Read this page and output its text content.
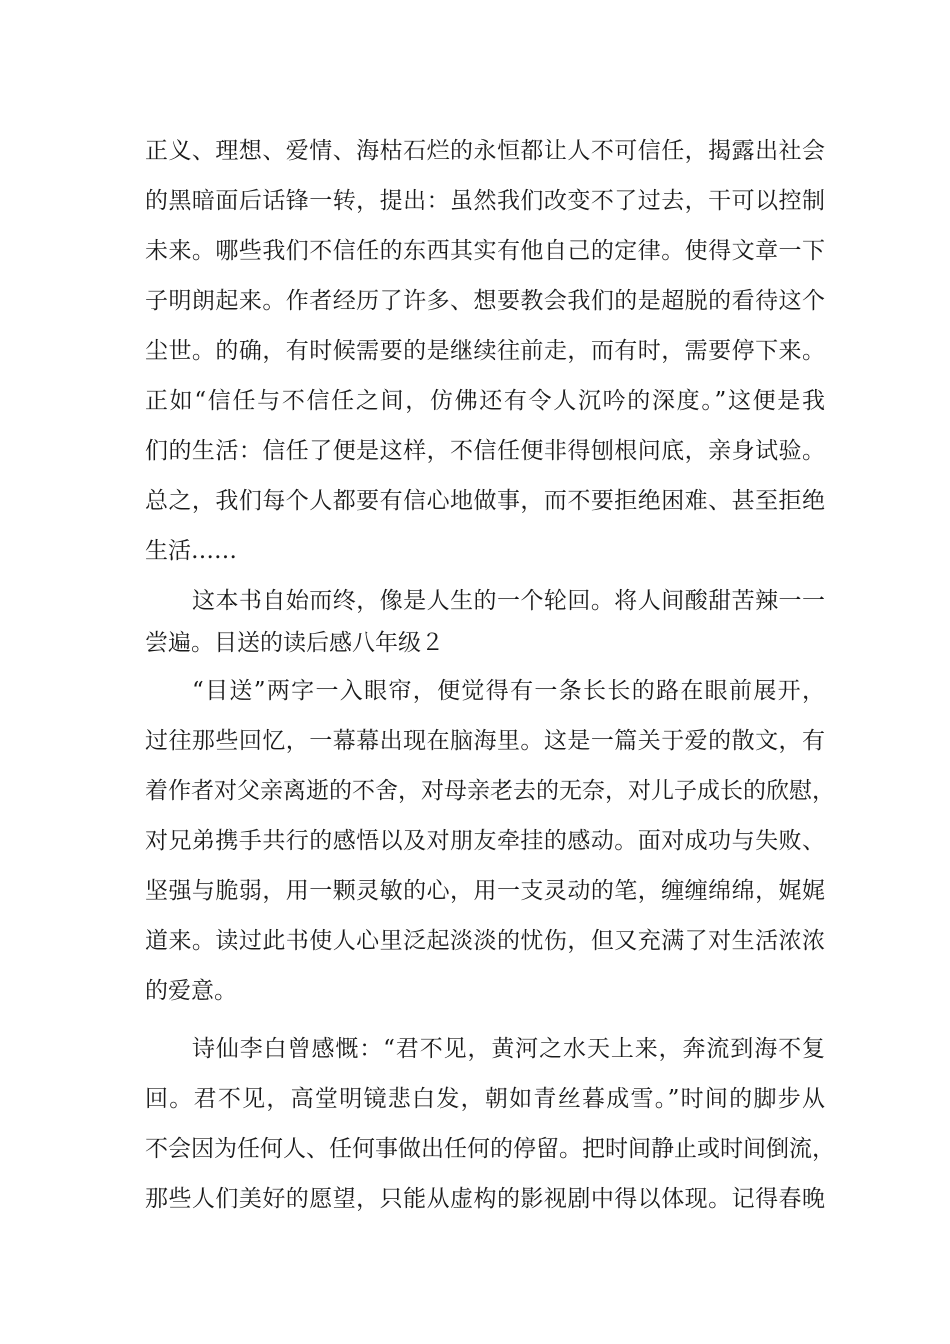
正义、理想、爱情、海枯石烂的永恒都让人不可信任，揭露出社会
的黑暗面后话锋一转，提出：虽然我们改变不了过去，干可以控制
未来。哪些我们不信任的东西其实有他自己的定律。使得文章一下
子明朗起来。作者经历了许多、想要教会我们的是超脱的看待这个
尘世。的确，有时候需要的是继续往前走，而有时，需要停下来。
正如“信任与不信任之间，仿佛还有令人沉吟的深度。”这便是我
们的生活：信任了便是这样，不信任便非得刨根问底，亲身试验。
总之，我们每个人都要有信心地做事，而不要拒绝困难、甚至拒绝
生活……
这本书自始而终，像是人生的一个轮回。将人间酸甜苦辣一一
尝遍。目送的读后感八年级２
“目送”两字一入眼帘，便觉得有一条长长的路在眼前展开，
过往那些回忆，一幕幕出现在脑海里。这是一篇关于爱的散文，有
着作者对父亲离逝的不舍，对母亲老去的无奈，对儿子成长的欣慰，
对兄弟携手共行的感悟以及对朋友牵挂的感动。面对成功与失败、
坚强与脆弱，用一颗灵敏的心，用一支灵动的笔，缠缠绵绵，娓娓
道来。读过此书使人心里泛起淡淡的忧伤，但又充满了对生活浓浓
的爱意。
诗仙李白曾感慨：“君不见，黄河之水天上来，奔流到海不复
回。君不见，高堂明镜悲白发，朝如青丝暮成雪。”时间的脚步从
不会因为任何人、任何事做出任何的停留。把时间静止或时间倒流，
那些人们美好的愿望，只能从虚构的影视剧中得以体现。记得春晚
